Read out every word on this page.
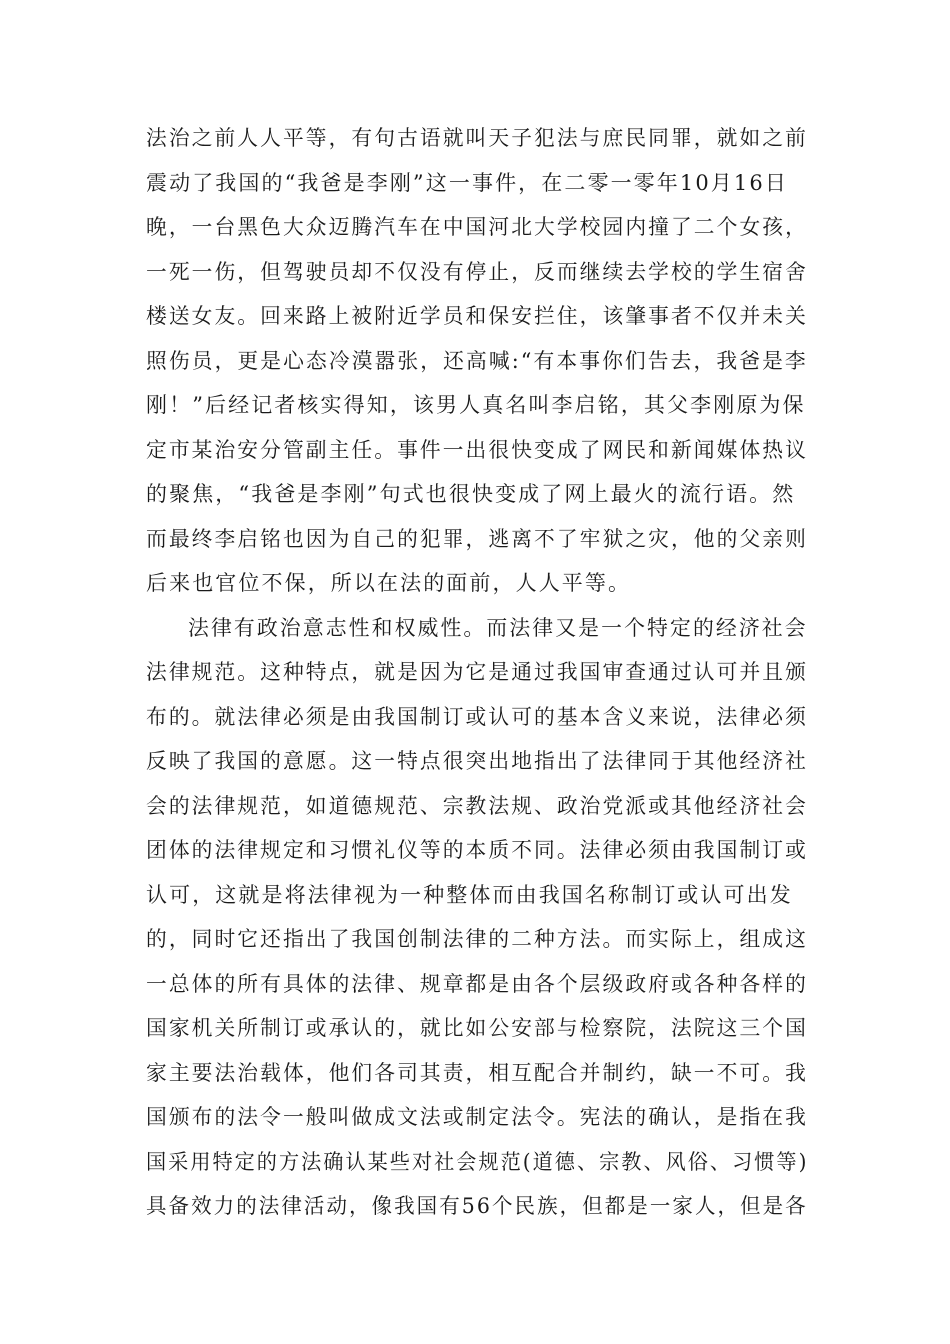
法治之前人人平等，有句古语就叫天子犯法与庶民同罪，就如之前
震动了我国的“我爸是李刚”这一事件，在二零一零年10月16日
晚，一台黑色大众迈腾汽车在中国河北大学校园内撞了二个女孩，
一死一伤，但驾驶员却不仅没有停止，反而继续去学校的学生宿舍
楼送女友。回来路上被附近学员和保安拦住，该肇事者不仅并未关
照伤员，更是心态冷漠嚣张，还高喊:“有本事你们告去，我爸是李
刚！”后经记者核实得知，该男人真名叫李启铭，其父李刚原为保
定市某治安分管副主任。事件一出很快变成了网民和新闻媒体热议
的聚焦，“我爸是李刚”句式也很快变成了网上最火的流行语。然
而最终李启铭也因为自己的犯罪，逃离不了牢狱之灾，他的父亲则
后来也官位不保，所以在法的面前，人人平等。
法律有政治意志性和权威性。而法律又是一个特定的经济社会
法律规范。这种特点，就是因为它是通过我国审查通过认可并且颁
布的。就法律必须是由我国制订或认可的基本含义来说，法律必须
反映了我国的意愿。这一特点很突出地指出了法律同于其他经济社
会的法律规范，如道德规范、宗教法规、政治党派或其他经济社会
团体的法律规定和习惯礼仪等的本质不同。法律必须由我国制订或
认可，这就是将法律视为一种整体而由我国名称制订或认可出发
的，同时它还指出了我国创制法律的二种方法。而实际上，组成这
一总体的所有具体的法律、规章都是由各个层级政府或各种各样的
国家机关所制订或承认的，就比如公安部与检察院，法院这三个国
家主要法治载体，他们各司其责，相互配合并制约，缺一不可。我
国颁布的法令一般叫做成文法或制定法令。宪法的确认，是指在我
国采用特定的方法确认某些对社会规范(道德、宗教、风俗、习惯等)
具备效力的法律活动，像我国有56个民族，但都是一家人，但是各
